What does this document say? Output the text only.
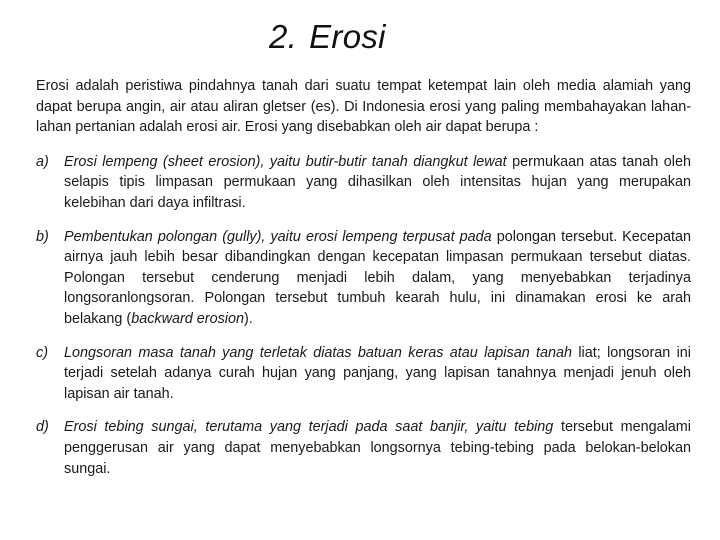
2. Erosi

Erosi adalah peristiwa pindahnya tanah dari suatu tempat ketempat lain oleh media alamiah yang dapat berupa angin, air atau aliran gletser (es). Di Indonesia erosi yang paling membahayakan lahan-lahan pertanian adalah erosi air. Erosi yang disebabkan oleh air dapat berupa :

a) Erosi lempeng (sheet erosion), yaitu butir-butir tanah diangkut lewat permukaan atas tanah oleh selapis tipis limpasan permukaan yang dihasilkan oleh intensitas hujan yang merupakan kelebihan dari daya infiltrasi.
b) Pembentukan polongan (gully), yaitu erosi lempeng terpusat pada polongan tersebut. Kecepatan airnya jauh lebih besar dibandingkan dengan kecepatan limpasan permukaan tersebut diatas. Polongan tersebut cenderung menjadi lebih dalam, yang menyebabkan terjadinya longsoranlongsoran. Polongan tersebut tumbuh kearah hulu, ini dinamakan erosi ke arah belakang (backward erosion).
c) Longsoran masa tanah yang terletak diatas batuan keras atau lapisan tanah liat; longsoran ini terjadi setelah adanya curah hujan yang panjang, yang lapisan tanahnya menjadi jenuh oleh lapisan air tanah.
d) Erosi tebing sungai, terutama yang terjadi pada saat banjir, yaitu tebing tersebut mengalami penggerusan air yang dapat menyebabkan longsornya tebing-tebing pada belokan-belokan sungai.
